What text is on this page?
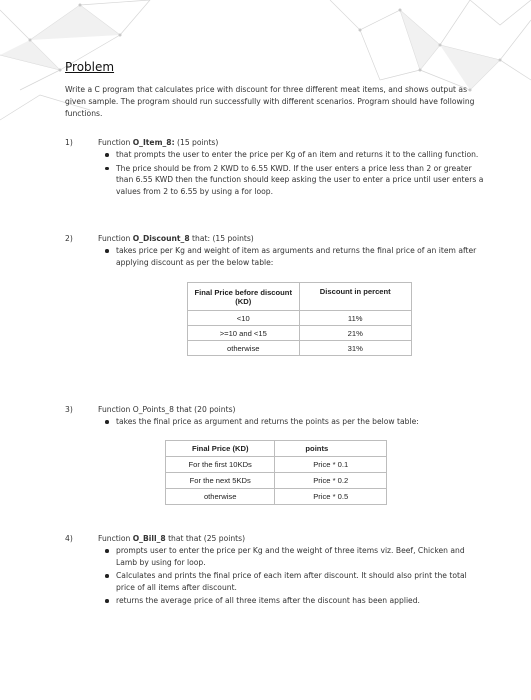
Problem
Write a C program that calculates price with discount for three different meat items, and shows output as given sample. The program should run successfully with different scenarios. Program should have following functions.
1)	Function O_Item_8: (15 points)
that prompts the user to enter the price per Kg of an item and returns it to the calling function.
The price should be from 2 KWD to 6.55 KWD. If the user enters a price less than 2 or greater than 6.55 KWD then the function should keep asking the user to enter a price until user enters a values from 2 to 6.55 by using a for loop.
2)	Function O_Discount_8 that: (15 points)
takes price per Kg and weight of item as arguments and returns the final price of an item after applying discount as per the below table:
Final Price before discount (KD)	Discount in percent
<10	11%
>=10 and <15	21%
otherwise	31%
3)	Function O_Points_8 that (20 points)
takes the final price as argument and returns the points as per the below table:
Final Price (KD)	points
For the first 10KDs	Price * 0.1
For the next 5KDs	Price * 0.2
otherwise	Price * 0.5
4)	Function O_Bill_8 that that (25 points)
prompts user to enter the price per Kg and the weight of three items viz. Beef, Chicken and Lamb by using for loop.
Calculates and prints the final price of each item after discount. It should also print the total price of all items after discount.
returns the average price of all three items after the discount has been applied.
